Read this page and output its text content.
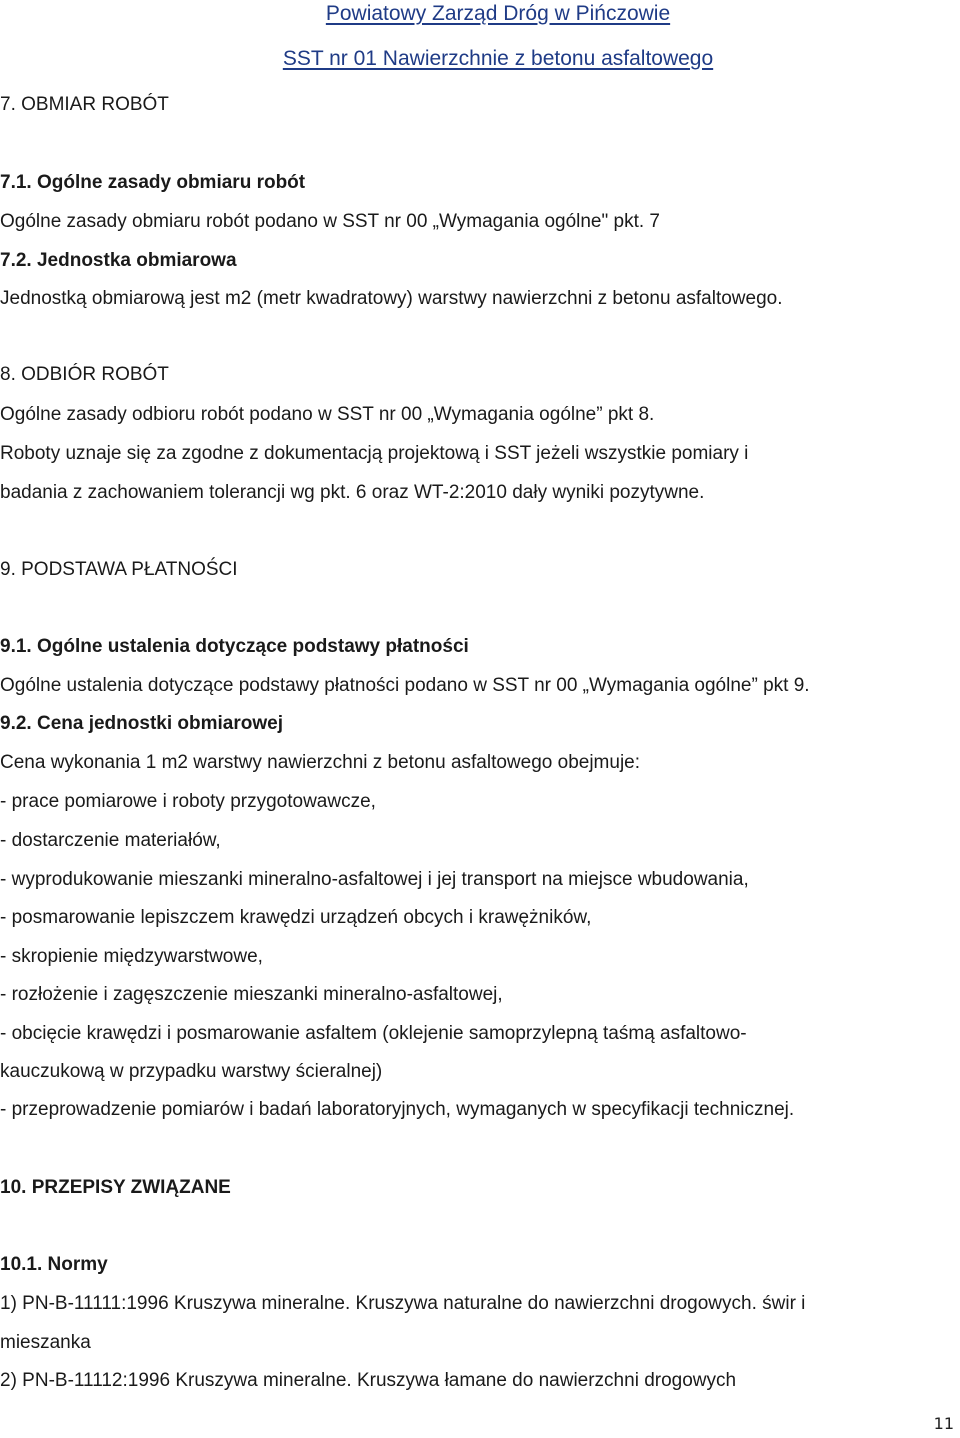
Powiatowy Zarząd Dróg w Pińczowie
SST nr 01 Nawierzchnie z betonu asfaltowego
7. OBMIAR ROBÓT
7.1. Ogólne zasady obmiaru robót
Ogólne zasady obmiaru robót podano w SST nr 00 „Wymagania ogólne" pkt. 7
7.2. Jednostka obmiarowa
Jednostką obmiarową jest m2 (metr kwadratowy) warstwy nawierzchni z betonu asfaltowego.
8. ODBIÓR ROBÓT
Ogólne zasady odbioru robót podano w SST nr 00 „Wymagania ogólne” pkt 8.
Roboty uznaje się za zgodne z dokumentacją projektową i SST jeżeli wszystkie pomiary i
badania z zachowaniem tolerancji wg pkt. 6 oraz WT-2:2010 dały wyniki pozytywne.
9. PODSTAWA PŁATNOŚCI
9.1. Ogólne ustalenia dotyczące podstawy płatności
Ogólne ustalenia dotyczące podstawy płatności podano w SST nr 00 „Wymagania ogólne” pkt 9.
9.2. Cena jednostki obmiarowej
Cena wykonania 1 m2 warstwy nawierzchni z betonu asfaltowego obejmuje:
- prace pomiarowe i roboty przygotowawcze,
- dostarczenie materiałów,
- wyprodukowanie mieszanki mineralno-asfaltowej i jej transport na miejsce wbudowania,
- posmarowanie lepiszczem krawędzi urządzeń obcych i krawężników,
- skropienie międzywarstwowe,
- rozłożenie i zagęszczenie mieszanki mineralno-asfaltowej,
- obcięcie krawędzi i posmarowanie asfaltem (oklejenie samoprzylepną taśmą asfaltowo-
kauczukową w przypadku warstwy ścieralnej)
- przeprowadzenie pomiarów i badań laboratoryjnych, wymaganych w specyfikacji technicznej.
10. PRZEPISY ZWIĄZANE
10.1. Normy
1) PN-B-11111:1996 Kruszywa mineralne. Kruszywa naturalne do nawierzchni drogowych. świr i
mieszanka
2) PN-B-11112:1996 Kruszywa mineralne. Kruszywa łamane do nawierzchni drogowych
11
